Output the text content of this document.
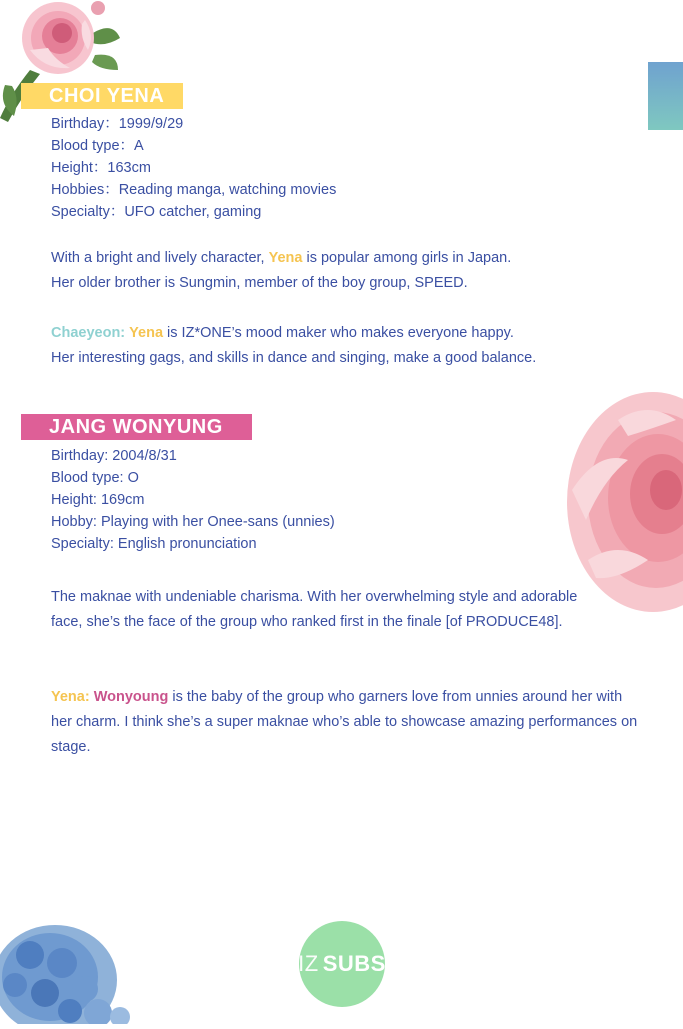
CHOI YENA
Birthday：1999/9/29
Blood type：A
Height：163cm
Hobbies：Reading manga, watching movies
Specialty：UFO catcher, gaming

With a bright and lively character, Yena is popular among girls in Japan.
Her older brother is Sungmin, member of the boy group, SPEED.

Chaeyeon: Yena is IZ*ONE’s mood maker who makes everyone happy.
Her interesting gags, and skills in dance and singing, make a good balance.

JANG WONYUNG
Birthday: 2004/8/31
Blood type: O
Height: 169cm
Hobby: Playing with her Onee-sans (unnies)
Specialty: English pronunciation

The maknae with undeniable charisma. With her overwhelming style and adorable face, she’s the face of the group who ranked first in the finale [of PRODUCE48].

Yena: Wonyoung is the baby of the group who garners love from unnies around her with her charm. I think she’s a super maknae who’s able to showcase amazing performances on stage.

IZ SUBS
